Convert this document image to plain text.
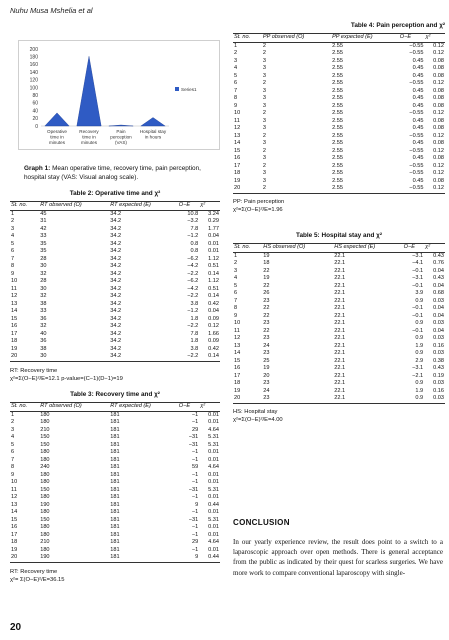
Nuhu Musa Mshelia et al
200
180
160
140
120
100
80
60
40
20
0
Operative
time in
minutes
Recovery
time in
minutes
Pain
perception
(VAS)
Hospital stay
in hours
Series1
Graph 1: Mean operative time, recovery time, pain perception, hospital stay (VAS: Visual analog scale).
Table 2: Operative time and χ²
St. no.	RT observed (O)	RT expected (E)	O−E	χ²
1	45	34.2	10.8	3.24
2	31	34.2	−3.2	0.29
3	42	34.2	7.8	1.77
4	33	34.2	−1.2	0.04
5	35	34.2	0.8	0.01
6	35	34.2	0.8	0.01
7	28	34.2	−6.2	1.12
8	30	34.2	−4.2	0.51
9	32	34.2	−2.2	0.14
10	28	34.2	−6.2	1.12
11	30	34.2	−4.2	0.51
12	32	34.2	−2.2	0.14
13	38	34.2	3.8	0.42
14	33	34.2	−1.2	0.04
15	36	34.2	1.8	0.09
16	32	34.2	−2.2	0.12
17	40	34.2	7.8	1.66
18	36	34.2	1.8	0.09
19	38	34.2	3.8	0.42
20	30	34.2	−2.2	0.14
RT: Recovery time
χ²=Σ(O−E)²/E=12.1 p-value=(C−1)(D−1)=19
Table 3: Recovery time and χ²
St. no.	RT observed (O)	RT expected (E)	O−E	χ²
1	180	181	−1	0.01
2	180	181	−1	0.01
3	210	181	29	4.64
4	150	181	−31	5.31
5	150	181	−31	5.31
6	180	181	−1	0.01
7	180	181	−1	0.01
8	240	181	59	4.64
9	180	181	−1	0.01
10	180	181	−1	0.01
11	150	181	−31	5.31
12	180	181	−1	0.01
13	190	181	9	0.44
14	180	181	−1	0.01
15	150	181	−31	5.31
16	180	181	−1	0.01
17	180	181	−1	0.01
18	210	181	29	4.64
19	180	181	−1	0.01
20	190	181	9	0.44
RT: Recovery time
χ²= Σ(O−E)²/E=36.15
Table 4: Pain perception and χ²
St. no.	PP observed (O)	PP expected (E)	O−E	χ²
1	2	2.55	−0.55	0.12
2	2	2.55	−0.55	0.12
3	3	2.55	0.45	0.08
4	3	2.55	0.45	0.08
5	3	2.55	0.45	0.08
6	2	2.55	−0.55	0.12
7	3	2.55	0.45	0.08
8	3	2.55	0.45	0.08
9	3	2.55	0.45	0.08
10	2	2.55	−0.55	0.12
11	3	2.55	0.45	0.08
12	3	2.55	0.45	0.08
13	2	2.55	−0.55	0.12
14	3	2.55	0.45	0.08
15	2	2.55	−0.55	0.12
16	3	2.55	0.45	0.08
17	2	2.55	−0.55	0.12
18	3	2.55	−0.55	0.12
19	3	2.55	0.45	0.08
20	2	2.55	−0.55	0.12
PP: Pain perception
χ²=Σ(O−E)²/E=1.96
Table 5: Hospital stay and χ²
St. no.	HS observed (O)	HS expected (E)	O−E	χ²
1	19	22.1	−3.1	0.43
2	18	22.1	−4.1	0.76
3	22	22.1	−0.1	0.04
4	19	22.1	−3.1	0.43
5	22	22.1	−0.1	0.04
6	26	22.1	3.9	0.68
7	23	22.1	0.9	0.03
8	22	22.1	−0.1	0.04
9	22	22.1	−0.1	0.04
10	23	22.1	0.9	0.03
11	22	22.1	−0.1	0.04
12	23	22.1	0.9	0.03
13	24	22.1	1.9	0.16
14	23	22.1	0.9	0.03
15	25	22.1	2.9	0.38
16	19	22.1	−3.1	0.43
17	20	22.1	−2.1	0.19
18	23	22.1	0.9	0.03
19	24	22.1	1.9	0.16
20	23	22.1	0.9	0.03
HS: Hospital stay
χ²=Σ(O−E)²/E=4.00
CONCLUSION
In our yearly experience review, the result does point to a switch to a laparoscopic approach over open methods. There is general acceptance from the public as indicated by their quest for scarless surgeries. We have more work to compare conventional laparoscopy with single-
20
